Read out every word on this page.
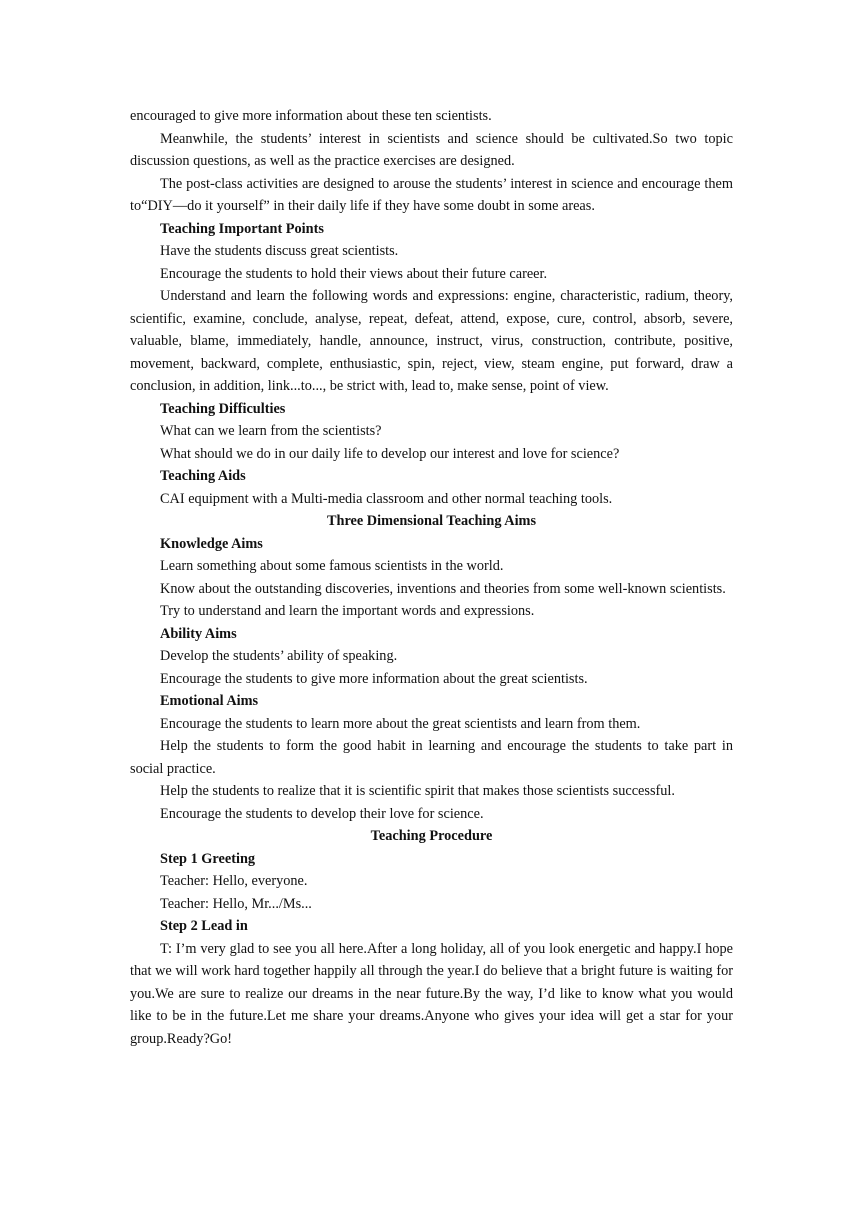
encouraged to give more information about these ten scientists.

Meanwhile, the students’ interest in scientists and science should be cultivated.So two topic discussion questions, as well as the practice exercises are designed.

The post-class activities are designed to arouse the students’ interest in science and encourage them to“DIY—do it yourself” in their daily life if they have some doubt in some areas.

Teaching Important Points

Have the students discuss great scientists.

Encourage the students to hold their views about their future career.

Understand and learn the following words and expressions: engine, characteristic, radium, theory, scientific, examine, conclude, analyse, repeat, defeat, attend, expose, cure, control, absorb, severe, valuable, blame, immediately, handle, announce, instruct, virus, construction, contribute, positive, movement, backward, complete, enthusiastic, spin, reject, view, steam engine, put forward, draw a conclusion, in addition, link...to..., be strict with, lead to, make sense, point of view.

Teaching Difficulties

What can we learn from the scientists?

What should we do in our daily life to develop our interest and love for science?

Teaching Aids

CAI equipment with a Multi-media classroom and other normal teaching tools.

Three Dimensional Teaching Aims

Knowledge Aims

Learn something about some famous scientists in the world.

Know about the outstanding discoveries, inventions and theories from some well-known scientists.

Try to understand and learn the important words and expressions.

Ability Aims

Develop the students’ ability of speaking.

Encourage the students to give more information about the great scientists.

Emotional Aims

Encourage the students to learn more about the great scientists and learn from them.

Help the students to form the good habit in learning and encourage the students to take part in social practice.

Help the students to realize that it is scientific spirit that makes those scientists successful.

Encourage the students to develop their love for science.

Teaching Procedure

Step 1 Greeting

Teacher: Hello, everyone.

Teacher: Hello, Mr.../Ms...

Step 2 Lead in

T: I’m very glad to see you all here.After a long holiday, all of you look energetic and happy.I hope that we will work hard together happily all through the year.I do believe that a bright future is waiting for you.We are sure to realize our dreams in the near future.By the way, I’d like to know what you would like to be in the future.Let me share your dreams.Anyone who gives your idea will get a star for your group.Ready?Go!
